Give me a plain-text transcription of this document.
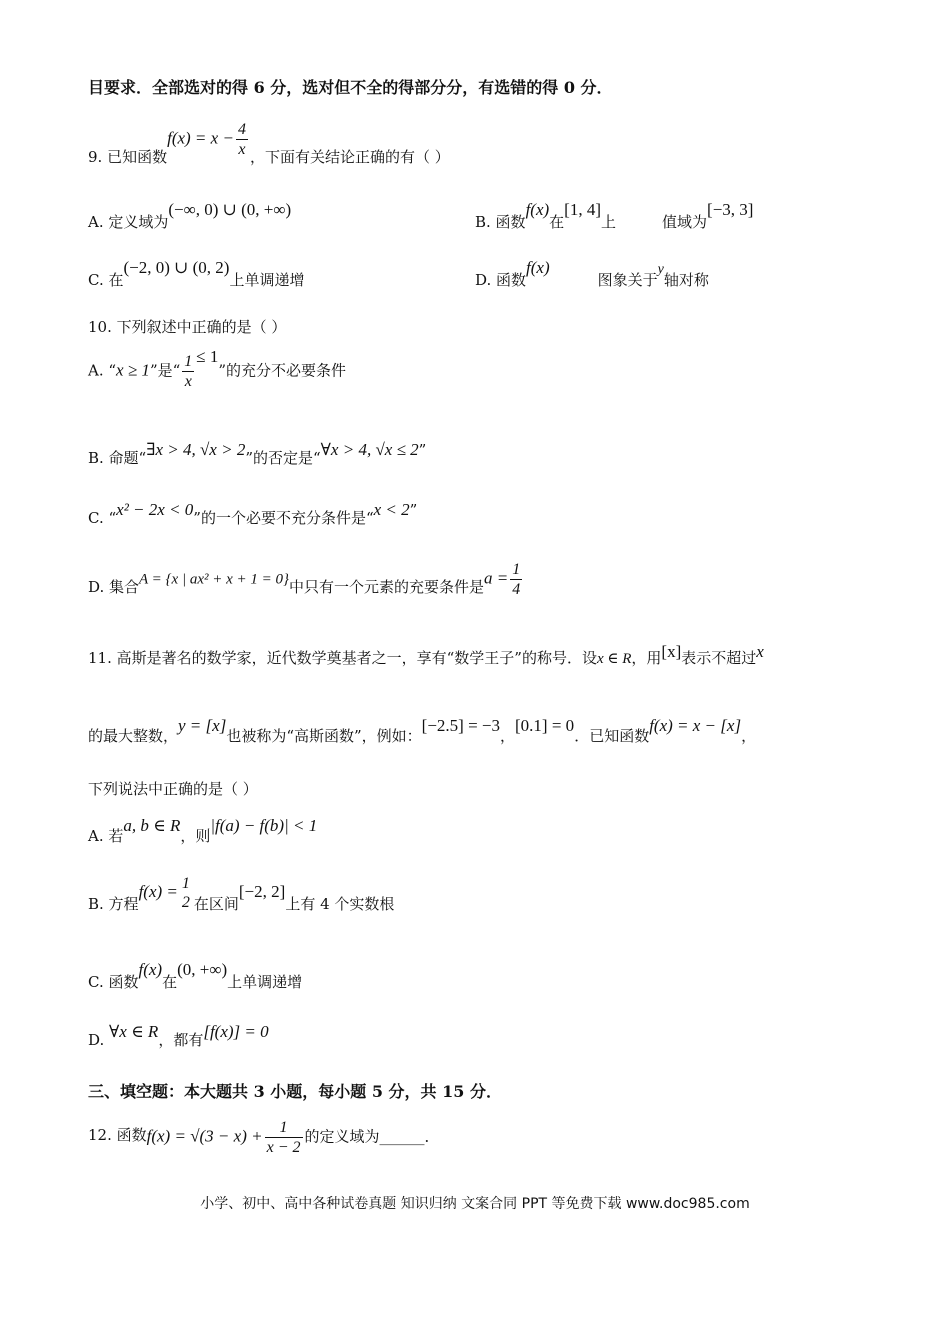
目要求．全部选对的得 6 分，选对但不全的得部分分，有选错的得 0 分．
9. 已知函数$f(x) = x - \frac{4}{x}$ ，下面有关结论正确的有（ ）
A. 定义域为(−∞, 0) ∪ (0, +∞)
B. 函数f(x)在[1, 4]上	值域为[−3, 3]
C. 在(−2, 0) ∪ (0, 2)上单调递增	D. 函数f(x)图象关于y轴对称
10. 下列叙述中正确的是（ ）
A. “x ≥ 1”是“ $\frac{1}{x} \le 1$”的充分不必要条件
B. 命题“∃x > 4, √x > 2”的否定是“∀x > 4, √x ≤ 2”
C. “x² − 2x < 0”的一个必要不充分条件是“x < 2”
D. 集合A = {x | ax² + x + 1 = 0}中只有一个元素的充要条件是$a = \frac{1}{4}$
11. 高斯是著名的数学家，近代数学奠基者之一，享有“数学王子”的称号．设x ∈ R，用[x]表示不超过x
的最大整数，y = [x]也被称为“高斯函数”，例如：[−2.5] = −3，[0.1] = 0．已知函数f(x) = x − [x]，
下列说法中正确的是（ ）
A. 若a, b ∈ R，则|f(a) − f(b)| < 1
B. 方程f(x) = 1
2 在区间[−2, 2]上有 4 个实数根
C. 函数f(x)在(0, +∞)上单调递增
D. ∀x ∈ R，都有[f(x)] = 0
三、填空题：本大题共 3 小题，每小题 5 分，共 15 分．
12. 函数$f(x) = √(3 - x) + \frac{1}{x - 2}$ 的定义域为______．
小学、初中、高中各种试卷真题 知识归纳 文案合同 PPT 等免费下载 www.doc985.com
